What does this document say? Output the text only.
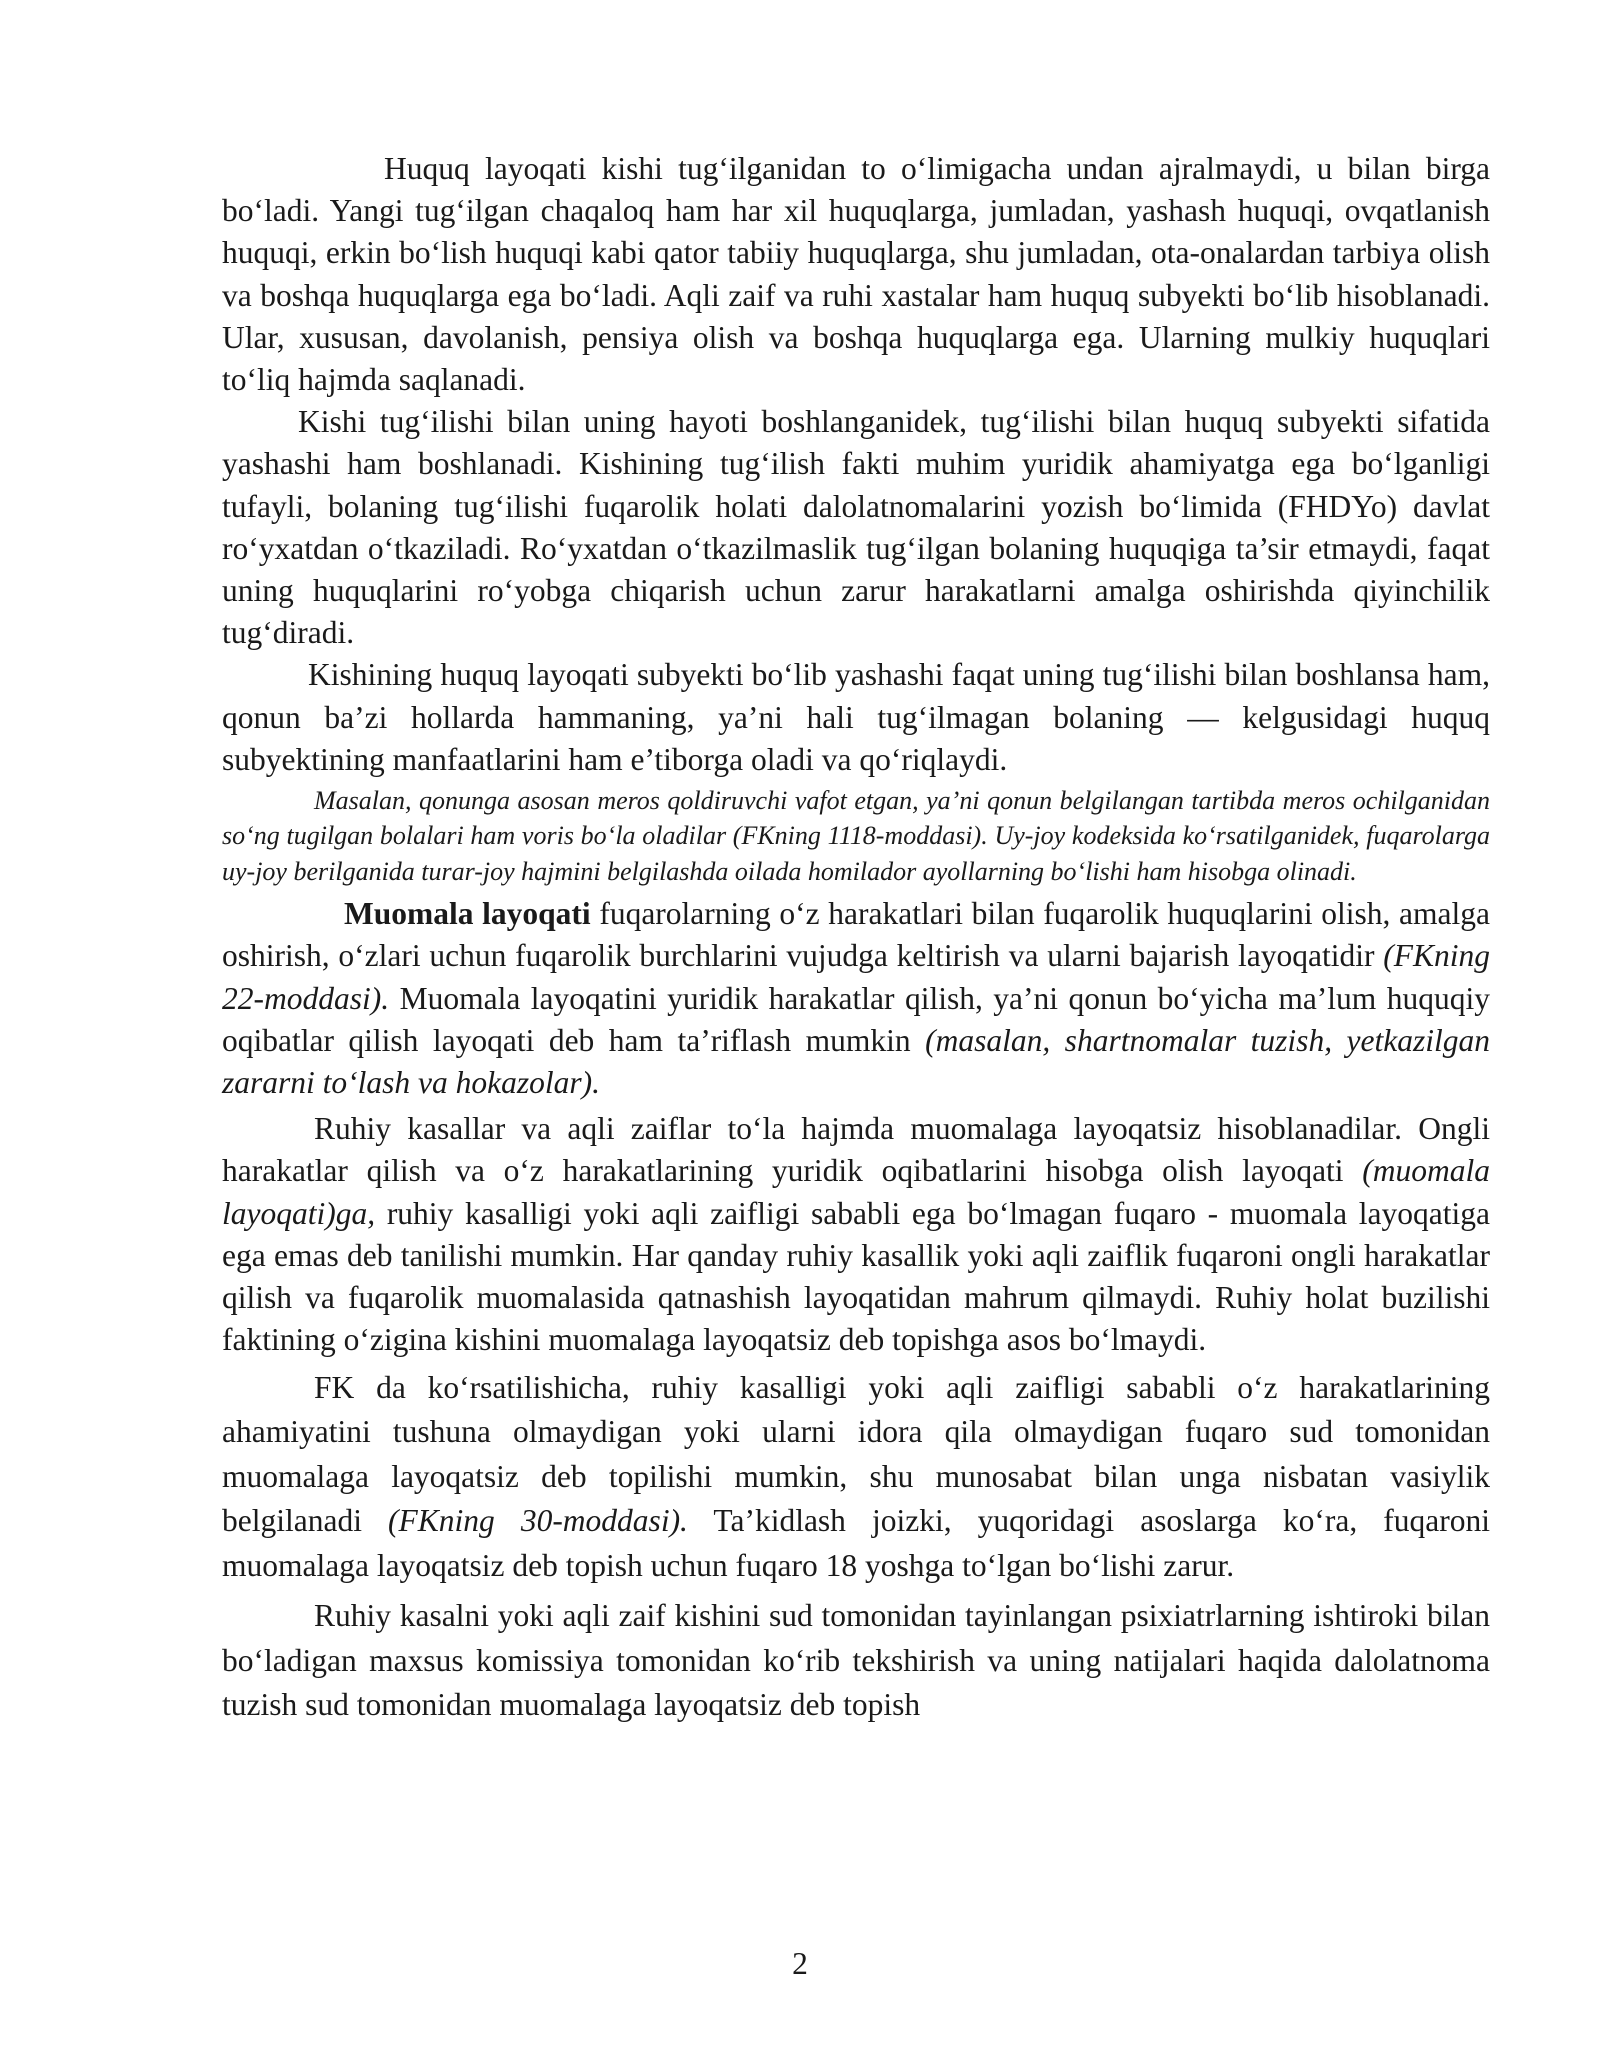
Huquq layoqati kishi tug‘ilganidan to o‘limigacha undan ajralmaydi, u bilan birga bo‘ladi. Yangi tug‘ilgan chaqaloq ham har xil huquqlarga, jumladan, yashash huquqi, ovqatlanish huquqi, erkin bo‘lish huquqi kabi qator tabiiy huquqlarga, shu jumladan, ota-onalardan tarbiya olish va boshqa huquqlarga ega bo‘ladi. Aqli zaif va ruhi xastalar ham huquq subyekti bo‘lib hisoblanadi. Ular, xususan, davolanish, pensiya olish va boshqa huquqlarga ega. Ularning mulkiy huquqlari to‘liq hajmda saqlanadi.

Kishi tug‘ilishi bilan uning hayoti boshlanganidek, tug‘ilishi bilan huquq subyekti sifatida yashashi ham boshlanadi. Kishining tug‘ilish fakti muhim yuridik ahamiyatga ega bo‘lganligi tufayli, bolaning tug‘ilishi fuqarolik holati dalolatnomalarini yozish bo‘limida (FHDYo) davlat ro‘yxatdan o‘tkaziladi. Ro‘yxatdan o‘tkazilmaslik tug‘ilgan bolaning huquqiga ta’sir etmaydi, faqat uning huquqlarini ro‘yobga chiqarish uchun zarur harakatlarni amalga oshirishda qiyinchilik tug‘diradi.

Kishining huquq layoqati subyekti bo‘lib yashashi faqat uning tug‘ilishi bilan boshlansa ham, qonun ba’zi hollarda hammaning, ya’ni hali tug‘ilmagan bolaning — kelgusidagi huquq subyektining manfaatlarini ham e’tiborga oladi va qo‘riqlaydi.

Masalan, qonunga asosan meros qoldiruvchi vafot etgan, ya’ni qonun belgilangan tartibda meros ochilganidan so‘ng tugilgan bolalari ham voris bo‘la oladilar (FKning 1118-moddasi). Uy-joy kodeksida ko‘rsatilganidek, fuqarolarga uy-joy berilganida turar-joy hajmini belgilashda oilada homilador ayollarning bo‘lishi ham hisobga olinadi.

Muomala layoqati fuqarolarning o‘z harakatlari bilan fuqarolik huquqlarini olish, amalga oshirish, o‘zlari uchun fuqarolik burchlarini vujudga keltirish va ularni bajarish layoqatidir (FKning 22-moddasi). Muomala layoqatini yuridik harakatlar qilish, ya’ni qonun bo‘yicha ma’lum huquqiy oqibatlar qilish layoqati deb ham ta’riflash mumkin (masalan, shartnomalar tuzish, yetkazilgan zararni to‘lash va hokazolar).

Ruhiy kasallar va aqli zaiflar to‘la hajmda muomalaga layoqatsiz hisoblanadilar. Ongli harakatlar qilish va o‘z harakatlarining yuridik oqibatlarini hisobga olish layoqati (muomala layoqati)ga, ruhiy kasalligi yoki aqli zaifligi sababli ega bo‘lmagan fuqaro - muomala layoqatiga ega emas deb tanilishi mumkin. Har qanday ruhiy kasallik yoki aqli zaiflik fuqaroni ongli harakatlar qilish va fuqarolik muomalasida qatnashish layoqatidan mahrum qilmaydi. Ruhiy holat buzilishi faktining o‘zigina kishini muomalaga layoqatsiz deb topishga asos bo‘lmaydi.

FK da ko‘rsatilishicha, ruhiy kasalligi yoki aqli zaifligi sababli o‘z harakatlarining ahamiyatini tushuna olmaydigan yoki ularni idora qila olmaydigan fuqaro sud tomonidan muomalaga layoqatsiz deb topilishi mumkin, shu munosabat bilan unga nisbatan vasiylik belgilanadi (FKning 30-moddasi). Ta’kidlash joizki, yuqoridagi asoslarga ko‘ra, fuqaroni muomalaga layoqatsiz deb topish uchun fuqaro 18 yoshga to‘lgan bo‘lishi zarur.

Ruhiy kasalni yoki aqli zaif kishini sud tomonidan tayinlangan psixiatrlarning ishtiroki bilan bo‘ladigan maxsus komissiya tomonidan ko‘rib tekshirish va uning natijalari haqida dalolatnoma tuzish sud tomonidan muomalaga layoqatsiz deb topish

2
